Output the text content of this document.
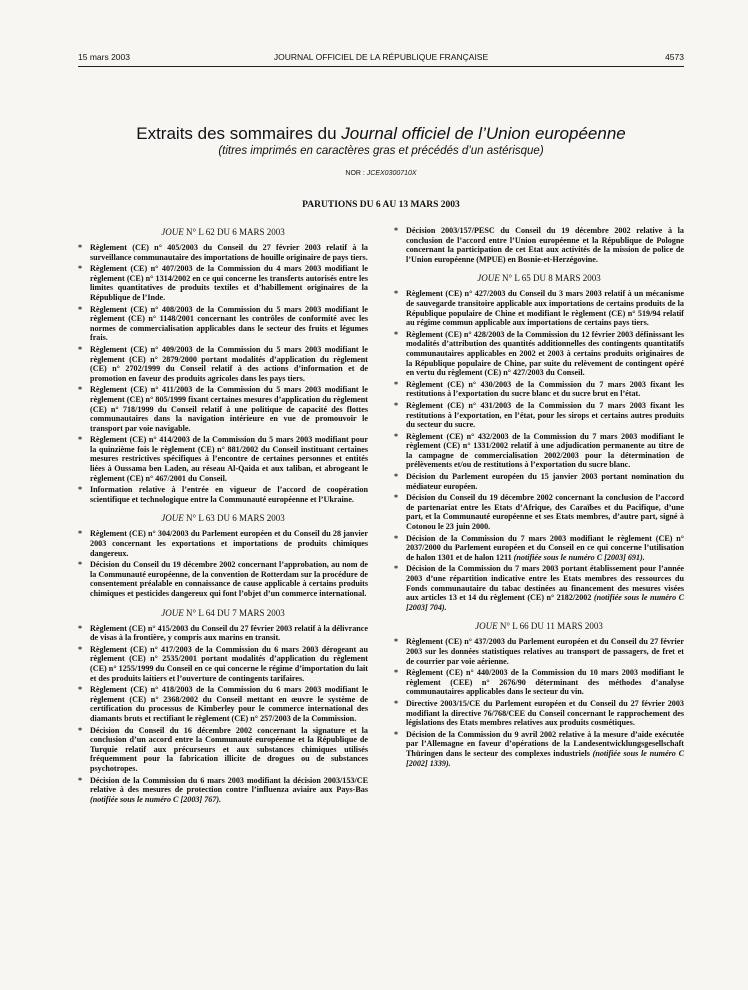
15 mars 2003	JOURNAL OFFICIEL DE LA RÉPUBLIQUE FRANÇAISE	4573
Extraits des sommaires du Journal officiel de l’Union européenne
(titres imprimés en caractères gras et précédés d’un astérisque)
NOR : JCEX0300710X
PARUTIONS DU 6 AU 13 MARS 2003
JOUE N° L 62 DU 6 MARS 2003
* Règlement (CE) n° 405/2003 du Conseil du 27 février 2003 relatif à la surveillance communautaire des importations de houille originaire de pays tiers.
* Règlement (CE) n° 407/2003 de la Commission du 4 mars 2003 modifiant le règlement (CE) n° 1314/2002 en ce qui concerne les transferts autorisés entre les limites quantitatives de produits textiles et d’habillement originaires de la République de l’Inde.
* Règlement (CE) n° 408/2003 de la Commission du 5 mars 2003 modifiant le règlement (CE) n° 1148/2001 concernant les contrôles de conformité avec les normes de commercialisation applicables dans le secteur des fruits et légumes frais.
* Règlement (CE) n° 409/2003 de la Commission du 5 mars 2003 modifiant le règlement (CE) n° 2879/2000 portant modalités d’application du règlement (CE) n° 2702/1999 du Conseil relatif à des actions d’information et de promotion en faveur des produits agricoles dans les pays tiers.
* Règlement (CE) n° 411/2003 de la Commission du 5 mars 2003 modifiant le règlement (CE) n° 805/1999 fixant certaines mesures d’application du règlement (CE) n° 718/1999 du Conseil relatif à une politique de capacité des flottes communautaires dans la navigation intérieure en vue de promouvoir le transport par voie navigable.
* Règlement (CE) n° 414/2003 de la Commission du 5 mars 2003 modifiant pour la quinzième fois le règlement (CE) n° 881/2002 du Conseil instituant certaines mesures restrictives spécifiques à l’encontre de certaines personnes et entités liées à Oussama ben Laden, au réseau Al-Qaida et aux taliban, et abrogeant le règlement (CE) n° 467/2001 du Conseil.
* Information relative à l’entrée en vigueur de l’accord de coopération scientifique et technologique entre la Communauté européenne et l’Ukraine.
JOUE N° L 63 DU 6 MARS 2003
* Règlement (CE) n° 304/2003 du Parlement européen et du Conseil du 28 janvier 2003 concernant les exportations et importations de produits chimiques dangereux.
* Décision du Conseil du 19 décembre 2002 concernant l’approbation, au nom de la Communauté européenne, de la convention de Rotterdam sur la procédure de consentement préalable en connaissance de cause applicable à certains produits chimiques et pesticides dangereux qui font l’objet d’un commerce international.
JOUE N° L 64 DU 7 MARS 2003
* Règlement (CE) n° 415/2003 du Conseil du 27 février 2003 relatif à la délivrance de visas à la frontière, y compris aux marins en transit.
* Règlement (CE) n° 417/2003 de la Commission du 6 mars 2003 dérogeant au règlement (CE) n° 2535/2001 portant modalités d’application du règlement (CE) n° 1255/1999 du Conseil en ce qui concerne le régime d’importation du lait et des produits laitiers et l’ouverture de contingents tarifaires.
* Règlement (CE) n° 418/2003 de la Commission du 6 mars 2003 modifiant le règlement (CE) n° 2368/2002 du Conseil mettant en œuvre le système de certification du processus de Kimberley pour le commerce international des diamants bruts et rectifiant le règlement (CE) n° 257/2003 de la Commission.
* Décision du Conseil du 16 décembre 2002 concernant la signature et la conclusion d’un accord entre la Communauté européenne et la République de Turquie relatif aux précurseurs et aux substances chimiques utilisés fréquemment pour la fabrication illicite de drogues ou de substances psychotropes.
* Décision de la Commission du 6 mars 2003 modifiant la décision 2003/153/CE relative à des mesures de protection contre l’influenza aviaire aux Pays-Bas (notifiée sous le numéro C [2003] 767).
* Décision 2003/157/PESC du Conseil du 19 décembre 2002 relative à la conclusion de l’accord entre l’Union européenne et la République de Pologne concernant la participation de cet Etat aux activités de la mission de police de l’Union européenne (MPUE) en Bosnie-et-Herzégovine.
JOUE N° L 65 DU 8 MARS 2003
* Règlement (CE) n° 427/2003 du Conseil du 3 mars 2003 relatif à un mécanisme de sauvegarde transitoire applicable aux importations de certains produits de la République populaire de Chine et modifiant le règlement (CE) n° 519/94 relatif au régime commun applicable aux importations de certains pays tiers.
* Règlement (CE) n° 428/2003 de la Commission du 12 février 2003 définissant les modalités d’attribution des quantités additionnelles des contingents quantitatifs communautaires applicables en 2002 et 2003 à certains produits originaires de la République populaire de Chine, par suite du relèvement de contingent opéré en vertu du règlement (CE) n° 427/2003 du Conseil.
* Règlement (CE) n° 430/2003 de la Commission du 7 mars 2003 fixant les restitutions à l’exportation du sucre blanc et du sucre brut en l’état.
* Règlement (CE) n° 431/2003 de la Commission du 7 mars 2003 fixant les restitutions à l’exportation, en l’état, pour les sirops et certains autres produits du secteur du sucre.
* Règlement (CE) n° 432/2003 de la Commission du 7 mars 2003 modifiant le règlement (CE) n° 1331/2002 relatif à une adjudication permanente au titre de la campagne de commercialisation 2002/2003 pour la détermination de prélèvements et/ou de restitutions à l’exportation du sucre blanc.
* Décision du Parlement européen du 15 janvier 2003 portant nomination du médiateur européen.
* Décision du Conseil du 19 décembre 2002 concernant la conclusion de l’accord de partenariat entre les Etats d’Afrique, des Caraïbes et du Pacifique, d’une part, et la Communauté européenne et ses Etats membres, d’autre part, signé à Cotonou le 23 juin 2000.
* Décision de la Commission du 7 mars 2003 modifiant le règlement (CE) n° 2037/2000 du Parlement européen et du Conseil en ce qui concerne l’utilisation de halon 1301 et de halon 1211 (notifiée sous le numéro C [2003] 691).
* Décision de la Commission du 7 mars 2003 portant établissement pour l’année 2003 d’une répartition indicative entre les Etats membres des ressources du Fonds communautaire du tabac destinées au financement des mesures visées aux articles 13 et 14 du règlement (CE) n° 2182/2002 (notifiée sous le numéro C [2003] 704).
JOUE N° L 66 DU 11 MARS 2003
* Règlement (CE) n° 437/2003 du Parlement européen et du Conseil du 27 février 2003 sur les données statistiques relatives au transport de passagers, de fret et de courrier par voie aérienne.
* Règlement (CE) n° 440/2003 de la Commission du 10 mars 2003 modifiant le règlement (CEE) n° 2676/90 déterminant des méthodes d’analyse communautaires applicables dans le secteur du vin.
* Directive 2003/15/CE du Parlement européen et du Conseil du 27 février 2003 modifiant la directive 76/768/CEE du Conseil concernant le rapprochement des législations des Etats membres relatives aux produits cosmétiques.
* Décision de la Commission du 9 avril 2002 relative à la mesure d’aide exécutée par l’Allemagne en faveur d’opérations de la Landesentwicklungsgesellschaft Thüringen dans le secteur des complexes industriels (notifiée sous le numéro C [2002] 1339).
